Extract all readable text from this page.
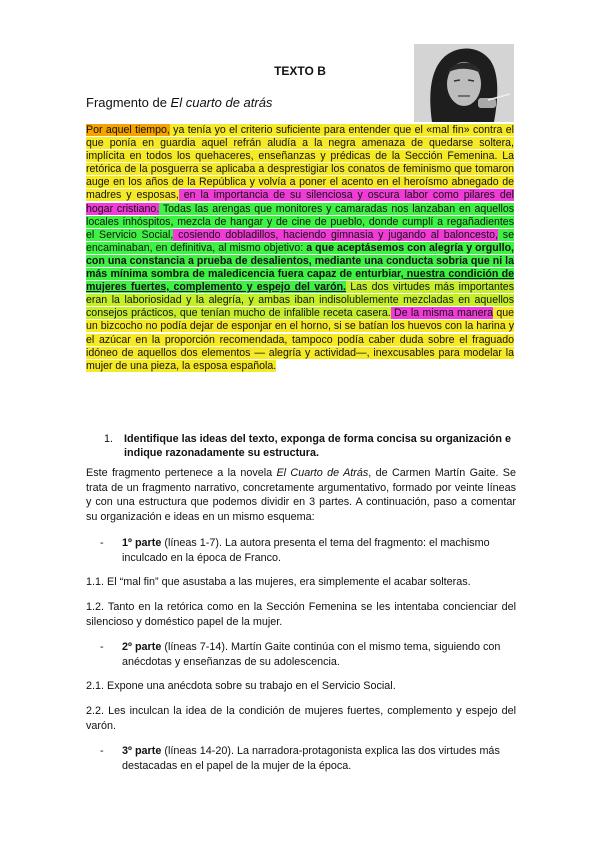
TEXTO B
Fragmento de El cuarto de atrás
Por aquel tiempo, ya tenía yo el criterio suficiente para entender que el «mal fin» contra el que ponía en guardia aquel refrán aludía a la negra amenaza de quedarse soltera, implícita en todos los quehaceres, enseñanzas y prédicas de la Sección Femenina. La retórica de la posguerra se aplicaba a desprestigiar los conatos de feminismo que tomaron auge en los años de la República y volvía a poner el acento en el heroísmo abnegado de madres y esposas, en la importancia de su silenciosa y oscura labor como pilares del hogar cristiano. Todas las arengas que monitores y camaradas nos lanzaban en aquellos locales inhóspitos, mezcla de hangar y de cine de pueblo, donde cumplí a regañadientes el Servicio Social, cosiendo dobladillos, haciendo gimnasia y jugando al baloncesto, se encaminaban, en definitiva, al mismo objetivo: a que aceptásemos con alegría y orgullo, con una constancia a prueba de desalientos, mediante una conducta sobria que ni la más mínima sombra de maledicencia fuera capaz de enturbiar, nuestra condición de mujeres fuertes, complemento y espejo del varón. Las dos virtudes más importantes eran la laboriosidad y la alegría, y ambas iban indisolublemente mezcladas en aquellos consejos prácticos, que tenían mucho de infalible receta casera. De la misma manera que un bizcocho no podía dejar de esponjar en el horno, si se batían los huevos con la harina y el azúcar en la proporción recomendada, tampoco podía caber duda sobre el fraguado idóneo de aquellos dos elementos — alegría y actividad—, inexcusables para modelar la mujer de una pieza, la esposa española.
1.	Identifique las ideas del texto, exponga de forma concisa su organización e indique razonadamente su estructura.
Este fragmento pertenece a la novela El Cuarto de Atrás, de Carmen Martín Gaite. Se trata de un fragmento narrativo, concretamente argumentativo, formado por veinte líneas y con una estructura que podemos dividir en 3 partes. A continuación, paso a comentar su organización e ideas en un mismo esquema:
-	1º parte (líneas 1-7). La autora presenta el tema del fragmento: el machismo inculcado en la época de Franco.
1.1. El “mal fin” que asustaba a las mujeres, era simplemente el acabar solteras.
1.2. Tanto en la retórica como en la Sección Femenina se les intentaba concienciar del silencioso y doméstico papel de la mujer.
-	2º parte (líneas 7-14). Martín Gaite continúa con el mismo tema, siguiendo con anécdotas y enseñanzas de su adolescencia.
2.1. Expone una anécdota sobre su trabajo en el Servicio Social.
2.2. Les inculcan la idea de la condición de mujeres fuertes, complemento y espejo del varón.
-	3º parte (líneas 14-20). La narradora-protagonista explica las dos virtudes más destacadas en el papel de la mujer de la época.
